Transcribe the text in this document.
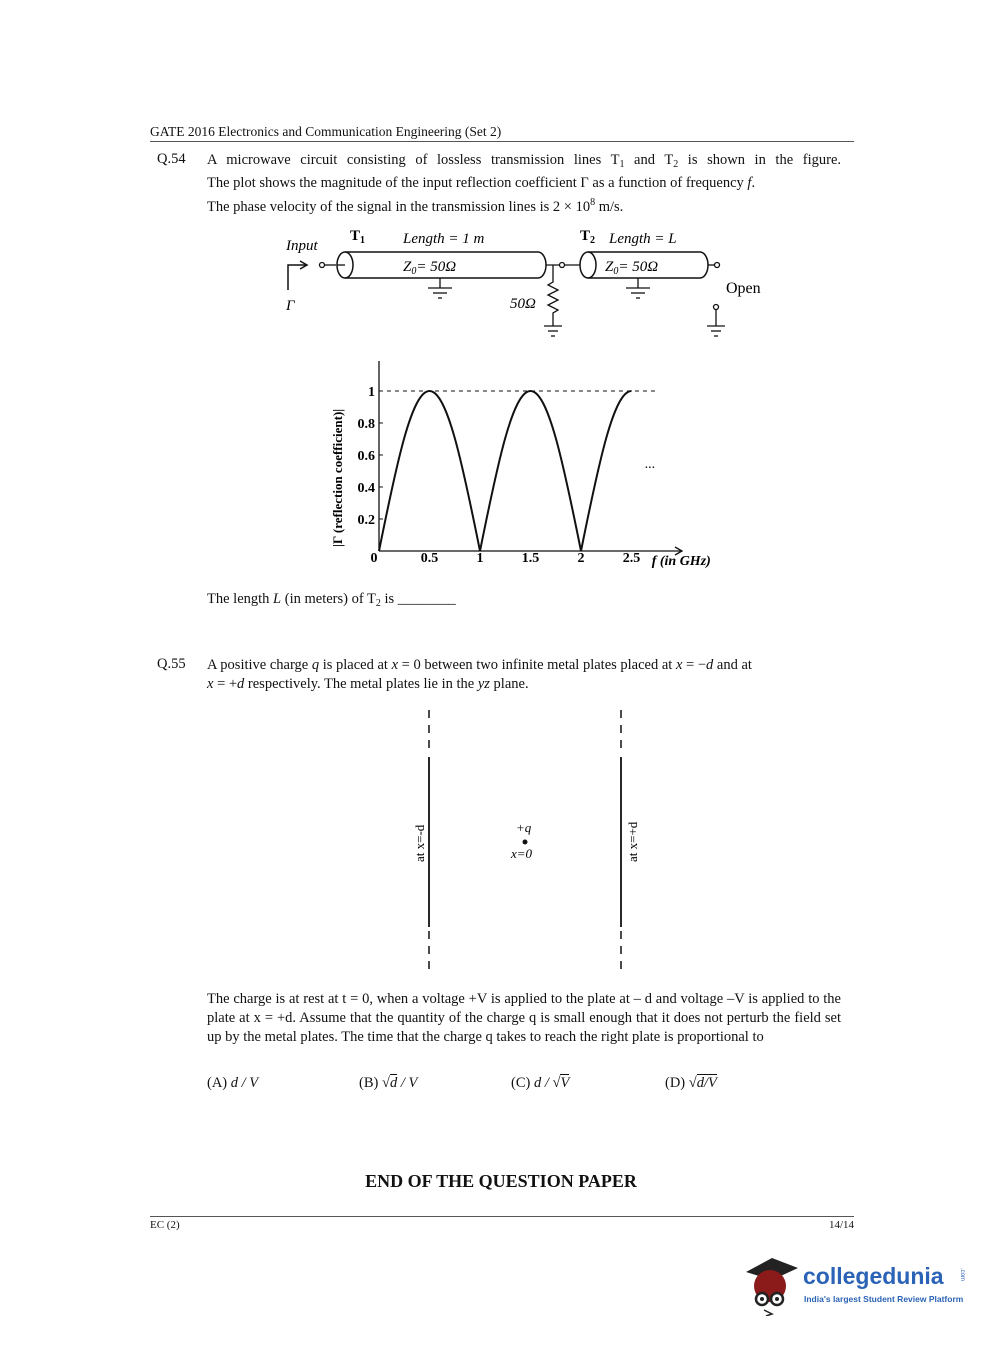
GATE 2016 Electronics and Communication Engineering (Set 2)
Q.54 A microwave circuit consisting of lossless transmission lines $T_1$ and $T_2$ is shown in the figure.
The plot shows the magnitude of the input reflection coefficient Γ as a function of frequency f.
The phase velocity of the signal in the transmission lines is $2 \times 10^8$ m/s.
Input
Γ
$T_1$	Length = 1 m
$Z_0= 50\Omega$
50Ω
$T_2$ Length = L
$Z_0= 50\Omega$
Open
|Γ (reflection coefficient)| 0.2
0.4
0.6
0.8
1
0	0.5	1	1.5	2	2.5
...
f (in GHz)
The length L (in meters) of $T_2$ is ________
Q.55 A positive charge q is placed at x = 0 between two infinite metal plates placed at x = −d and at
x = +d respectively. The metal plates lie in the yz plane.
at x=-d	at x=+d
+q
x=0
The charge is at rest at t = 0, when a voltage +V is applied to the plate at – d and voltage –V is applied to the plate at x = +d. Assume that the quantity of the charge q is small enough that it does not perturb the field set up by the metal plates. The time that the charge q takes to reach the right plate is proportional to
(A) d / V	(B) √d / V	(C) d / √V	(D) √d/V
END OF THE QUESTION PAPER
EC (2)	14/14
collegedunia	.com
India's largest Student Review Platform
